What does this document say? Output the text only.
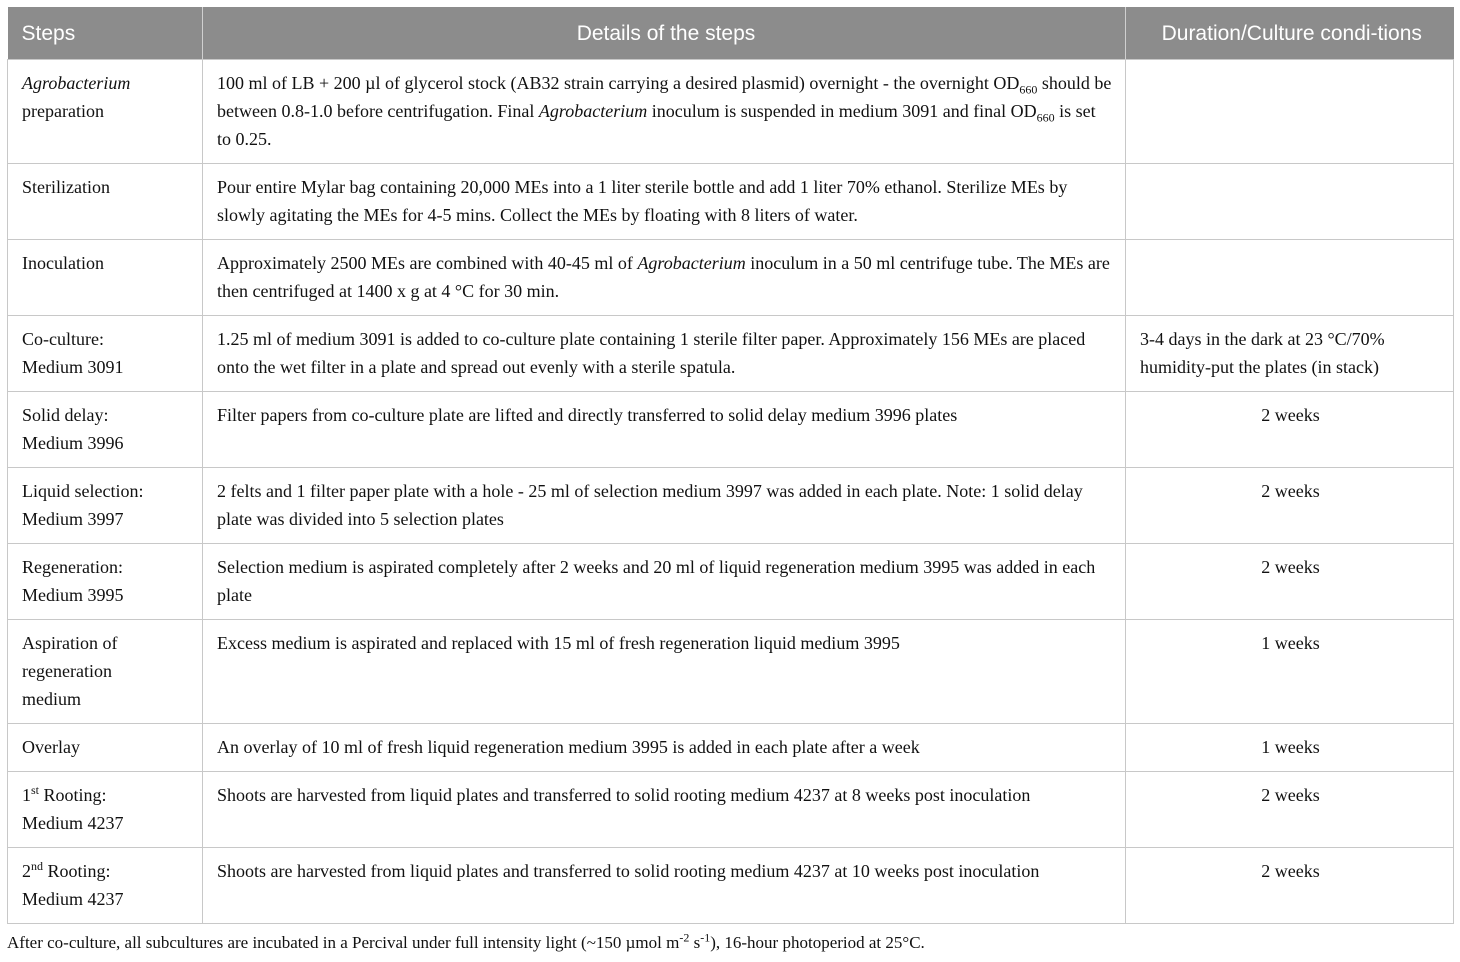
Steps	Details of the steps	Duration/Culture condi-tions
Agrobacterium
preparation	100 ml of LB + 200 µl of glycerol stock (AB32 strain carrying a desired plasmid) overnight - the overnight $OD_{660}$ should be between 0.8-1.0 before centrifugation. Final Agrobacterium inoculum is suspended in medium 3091 and final $OD_{660}$ is set to 0.25.	
Sterilization	Pour entire Mylar bag containing 20,000 MEs into a 1 liter sterile bottle and add 1 liter 70% ethanol. Sterilize MEs by slowly agitating the MEs for 4-5 mins. Collect the MEs by floating with 8 liters of water.	
Inoculation	Approximately 2500 MEs are combined with 40-45 ml of Agrobacterium inoculum in a 50 ml centrifuge tube. The MEs are then centrifuged at 1400 x g at 4 °C for 30 min.	
Co-culture:
Medium 3091	1.25 ml of medium 3091 is added to co-culture plate containing 1 sterile filter paper. Approximately 156 MEs are placed onto the wet filter in a plate and spread out evenly with a sterile spatula.	3-4 days in the dark at 23 °C/70% humidity-put the plates (in stack)
Solid delay:
Medium 3996	Filter papers from co-culture plate are lifted and directly transferred to solid delay medium 3996 plates	2 weeks
Liquid selection:
Medium 3997	2 felts and 1 filter paper plate with a hole - 25 ml of selection medium 3997 was added in each plate. Note: 1 solid delay plate was divided into 5 selection plates	2 weeks
Regeneration:
Medium 3995	Selection medium is aspirated completely after 2 weeks and 20 ml of liquid regeneration medium 3995 was added in each plate	2 weeks
Aspiration of
regeneration
medium	Excess medium is aspirated and replaced with 15 ml of fresh regeneration liquid medium 3995	1 weeks
Overlay	An overlay of 10 ml of fresh liquid regeneration medium 3995 is added in each plate after a week	1 weeks
1st Rooting:
Medium 4237	Shoots are harvested from liquid plates and transferred to solid rooting medium 4237 at 8 weeks post inoculation	2 weeks
2nd Rooting:
Medium 4237	Shoots are harvested from liquid plates and transferred to solid rooting medium 4237 at 10 weeks post inoculation	2 weeks
After co-culture, all subcultures are incubated in a Percival under full intensity light (~150 µmol $m^{-2}$ $s^{-1}$), 16-hour photoperiod at 25°C.
